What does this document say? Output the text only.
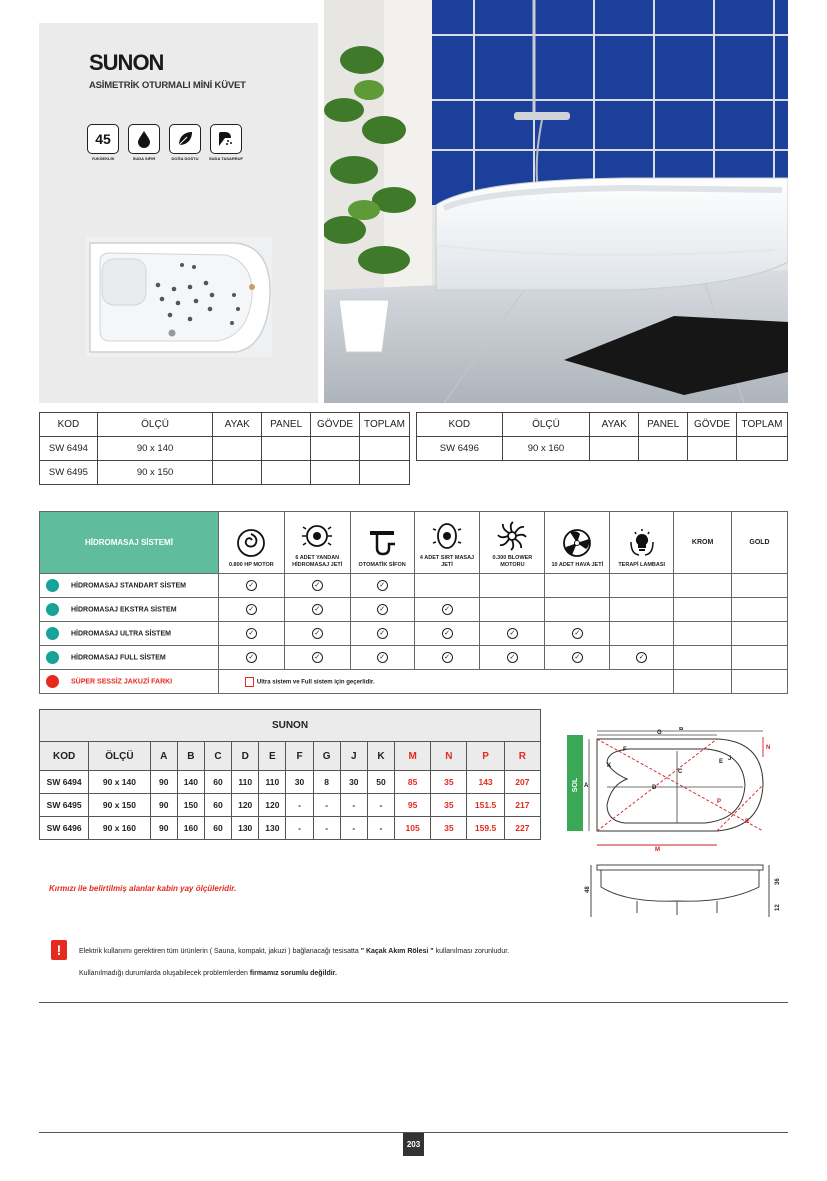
SUNON
ASİMETRİK OTURMALI MİNİ KÜVET
45
YUKSEKLİK	SUDA SIFIR	DOĞA DOSTU	SUDA TASARRUF
KOD	ÖLÇÜ	AYAK	PANEL	GÖVDE	TOPLAM
SW 6494	90 x 140				
SW 6495	90 x 150				
KOD	ÖLÇÜ	AYAK	PANEL	GÖVDE	TOPLAM
SW 6496	90 x 160				
HİDROMASAJ SİSTEMİ	0.800 HP MOTOR	6 ADET YANDAN HİDROMASAJ JETİ	OTOMATİK SİFON	4 ADET SIRT MASAJ JETİ	0.300 BLOWER MOTORU	10 ADET HAVA JETİ	TERAPİ LAMBASI	KROM	GOLD
HİDROMASAJ STANDART SİSTEM	✓	✓	✓						
HİDROMASAJ EKSTRA SİSTEM	✓	✓	✓	✓					
HİDROMASAJ ULTRA SİSTEM	✓	✓	✓	✓	✓	✓			
HİDROMASAJ FULL SİSTEM	✓	✓	✓	✓	✓	✓	✓		
SÜPER SESSİZ JAKUZİ FARKI	Ultra sistem ve Full sistem için geçerlidir.								
SUNON														
KOD	ÖLÇÜ	A	B	C	D	E	F	G	J	K	M	N	P	R
SW 6494	90 x 140	90	140	60	110	110	30	8	30	50	85	35	143	207
SW 6495	90 x 150	90	150	60	120	120	-	-	-	-	95	35	151.5	217
SW 6496	90 x 160	90	160	60	130	130	-	-	-	-	105	35	159.5	227
SOL
B
G
A
C
D
E
F
J
K
M
N
P
R
48
36
12
Kırmızı ile belirtilmiş alanlar kabin yay ölçüleridir.
!	Elektrik kullanımı gerektiren tüm ürünlerin ( Sauna, kompakt, jakuzi ) bağlanacağı tesisatta " Kaçak Akım Rölesi " kullanılması zorunludur. Kullanılmadığı durumlarda oluşabilecek problemlerden firmamız sorumlu değildir.
203
